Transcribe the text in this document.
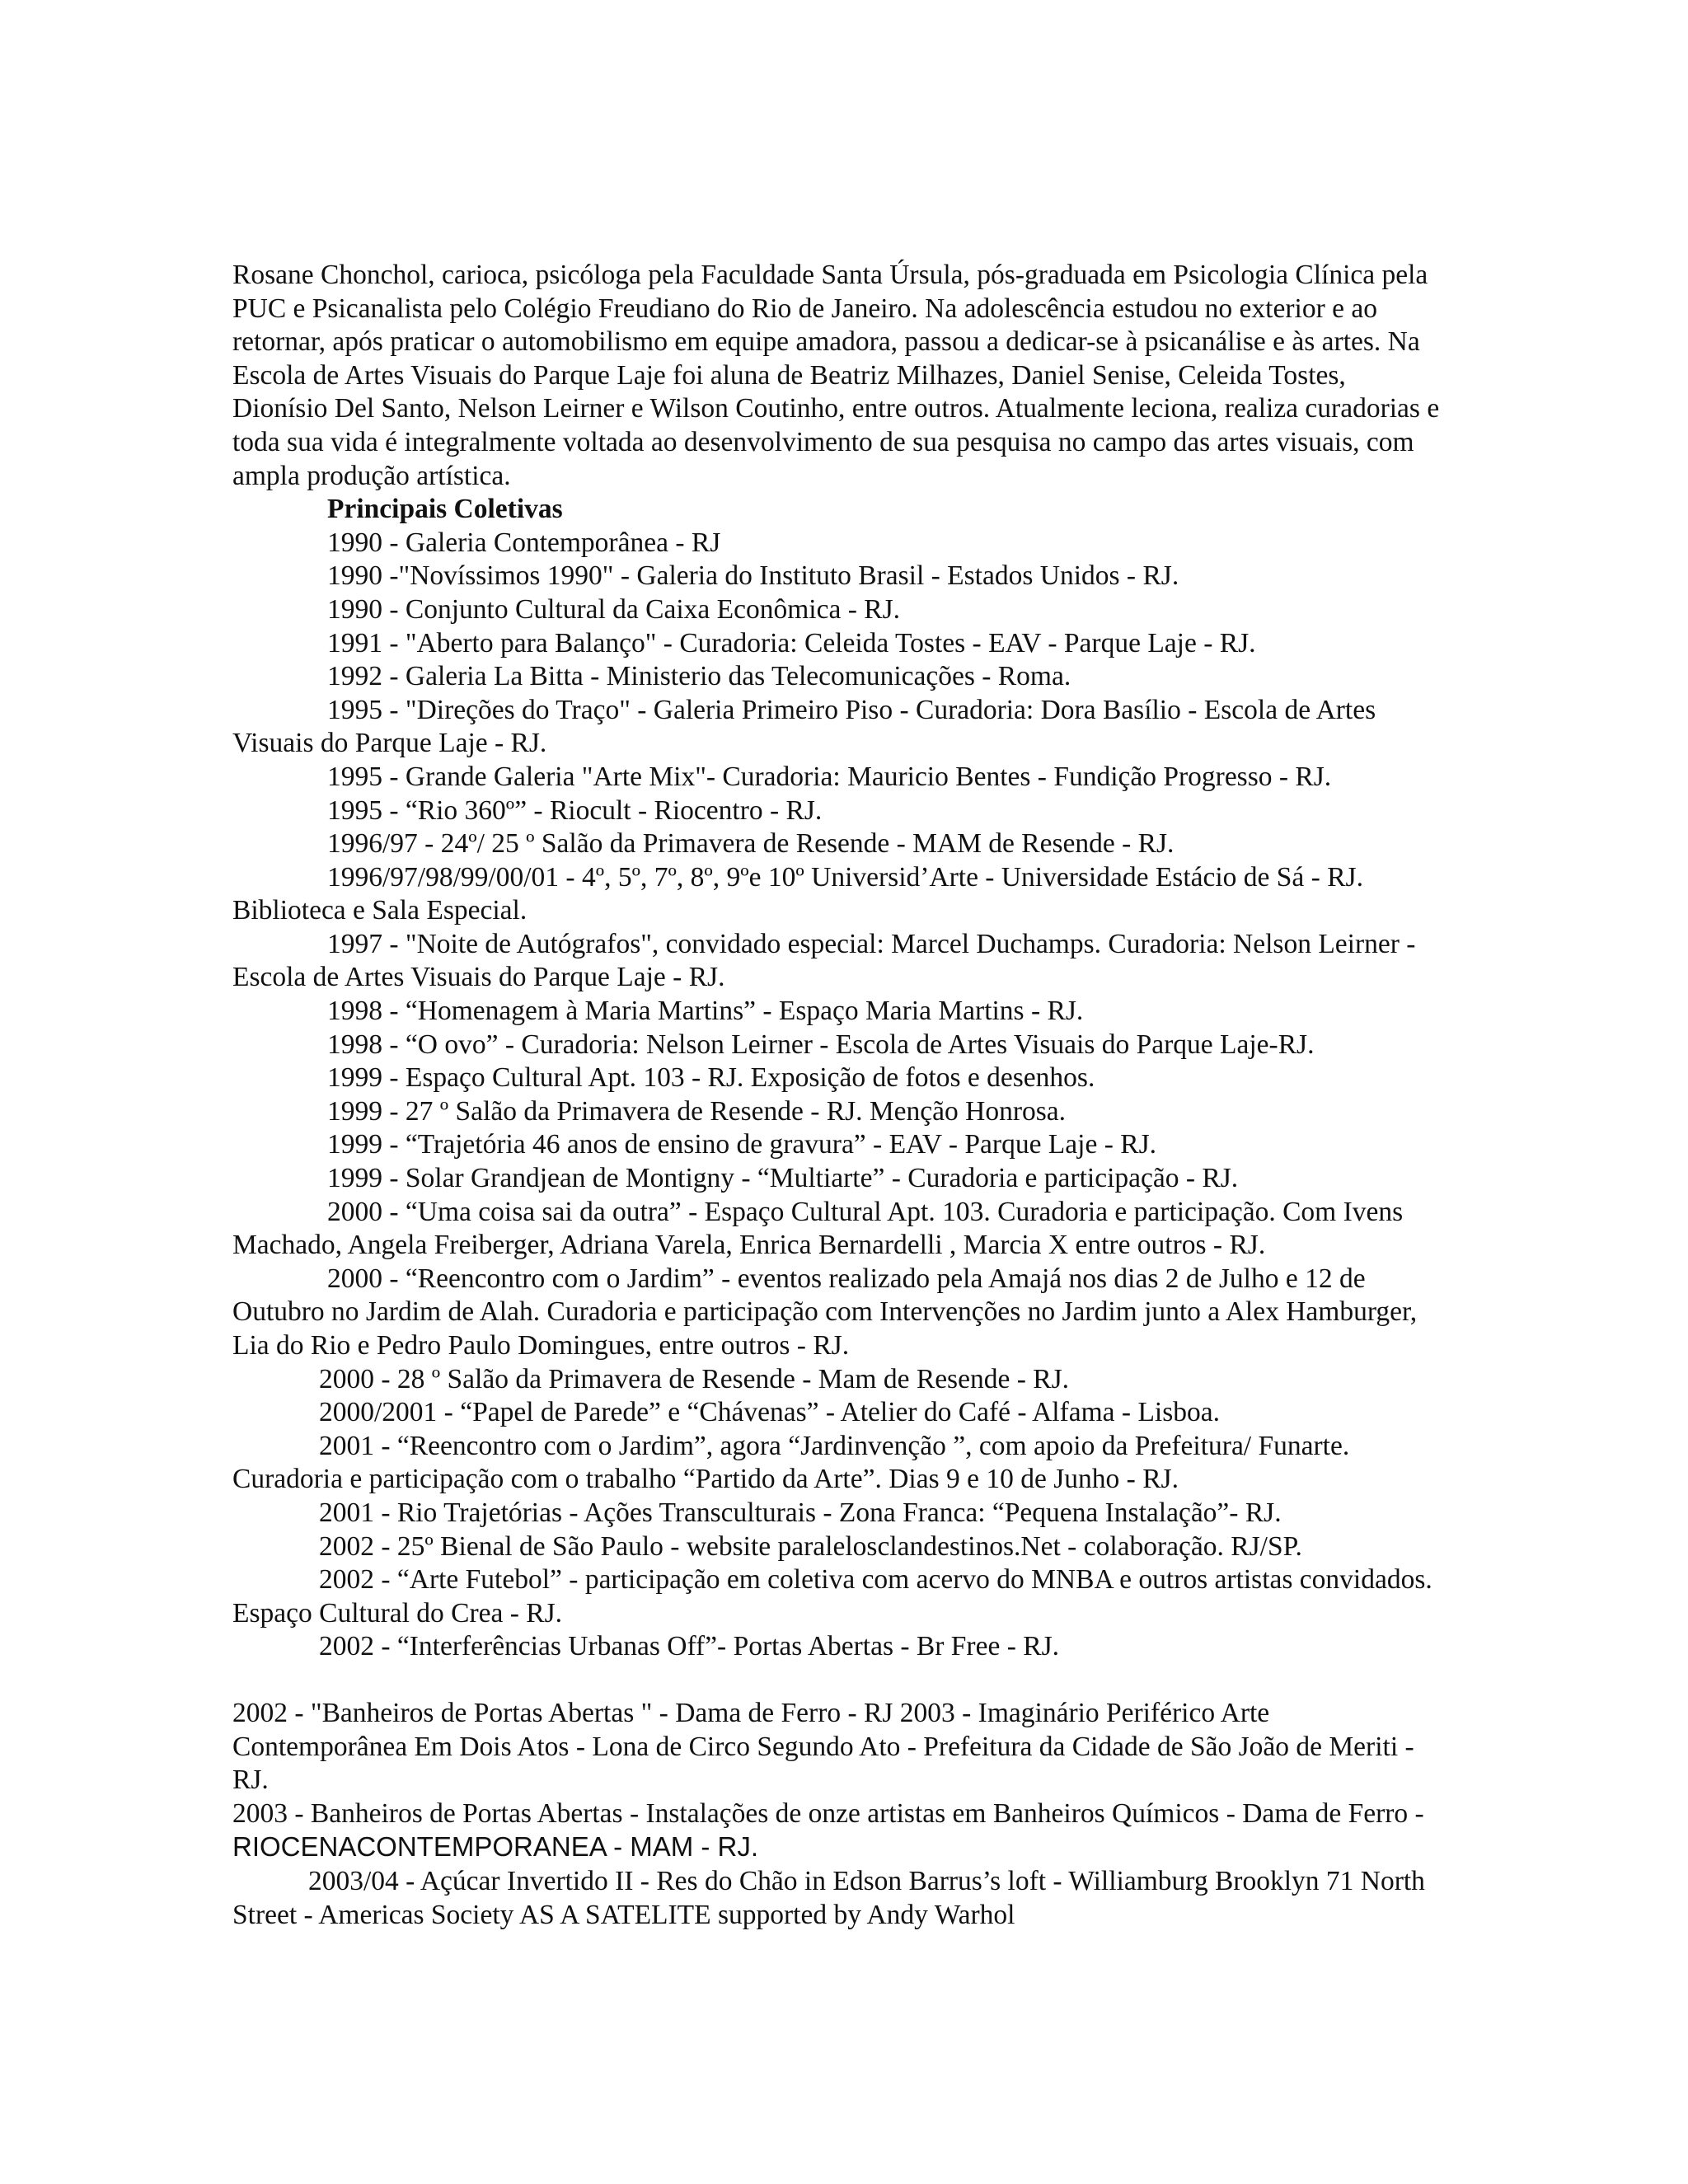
Rosane Chonchol, carioca, psicóloga pela Faculdade Santa Úrsula, pós-graduada em Psicologia Clínica pela PUC e Psicanalista pelo Colégio Freudiano do Rio de Janeiro. Na adolescência estudou no exterior e ao retornar, após praticar o automobilismo em equipe amadora, passou a dedicar-se à psicanálise e às artes. Na Escola de Artes Visuais do Parque Laje foi aluna de Beatriz Milhazes, Daniel Senise, Celeida Tostes, Dionísio Del Santo, Nelson Leirner e Wilson Coutinho, entre outros. Atualmente leciona, realiza curadorias e toda sua vida é integralmente voltada ao desenvolvimento de sua pesquisa no campo das artes visuais, com ampla produção artística.

Principais Coletivas

1990 - Galeria Contemporânea - RJ

1990 -"Novíssimos 1990" - Galeria do Instituto Brasil - Estados Unidos - RJ.

1990 - Conjunto Cultural da Caixa Econômica - RJ.

1991 - "Aberto para Balanço" - Curadoria: Celeida Tostes - EAV - Parque Laje - RJ.

1992 - Galeria La Bitta - Ministerio das Telecomunicações - Roma.

1995 - "Direções do Traço" - Galeria Primeiro Piso - Curadoria: Dora Basílio - Escola de Artes Visuais do Parque Laje - RJ.

1995 - Grande Galeria "Arte Mix"- Curadoria: Mauricio Bentes - Fundição Progresso - RJ.

1995 - “Rio 360º” - Riocult - Riocentro - RJ.

1996/97 - 24º/ 25 º Salão da Primavera de Resende - MAM de Resende - RJ.

1996/97/98/99/00/01 - 4º, 5º, 7º, 8º, 9ºe 10º Universid’Arte - Universidade Estácio de Sá - RJ. Biblioteca e Sala Especial.

1997 - "Noite de Autógrafos", convidado especial: Marcel Duchamps. Curadoria: Nelson Leirner - Escola de Artes Visuais do Parque Laje - RJ.

1998 - “Homenagem à Maria Martins” - Espaço Maria Martins - RJ.

1998 - “O ovo” - Curadoria: Nelson Leirner - Escola de Artes Visuais do Parque Laje-RJ.

1999 - Espaço Cultural Apt. 103 - RJ. Exposição de fotos e desenhos.

1999 - 27 º Salão da Primavera de Resende - RJ. Menção Honrosa.

1999 - “Trajetória 46 anos de ensino de gravura” - EAV - Parque Laje - RJ.

1999 - Solar Grandjean de Montigny - “Multiarte” - Curadoria e participação - RJ.

2000 - “Uma coisa sai da outra” - Espaço Cultural Apt. 103. Curadoria e participação. Com Ivens Machado, Angela Freiberger, Adriana Varela, Enrica Bernardelli , Marcia X entre outros - RJ.

2000 - “Reencontro com o Jardim” - eventos realizado pela Amajá nos dias 2 de Julho e 12 de Outubro no Jardim de Alah. Curadoria e participação com Intervenções no Jardim junto a Alex Hamburger, Lia do Rio e Pedro Paulo Domingues, entre outros - RJ.

2000 - 28 º Salão da Primavera de Resende - Mam de Resende - RJ.

2000/2001 - “Papel de Parede” e “Chávenas” - Atelier do Café - Alfama - Lisboa.

2001 - “Reencontro com o Jardim”, agora “Jardinvenção ”, com apoio da Prefeitura/ Funarte. Curadoria e participação com o trabalho “Partido da Arte”. Dias 9 e 10 de Junho - RJ.

2001 - Rio Trajetórias - Ações Transculturais - Zona Franca: “Pequena Instalação”- RJ.

2002 - 25º Bienal de São Paulo - website paralelosclandestinos.Net - colaboração. RJ/SP.

2002 - “Arte Futebol” - participação em coletiva com acervo do MNBA e outros artistas convidados. Espaço Cultural do Crea - RJ.

2002 - “Interferências Urbanas Off”- Portas Abertas - Br Free - RJ.

2002 - "Banheiros de Portas Abertas " - Dama de Ferro - RJ 2003 - Imaginário Periférico Arte Contemporânea Em Dois Atos - Lona de Circo Segundo Ato - Prefeitura da Cidade de São João de Meriti - RJ.

2003 - Banheiros de Portas Abertas - Instalações de onze artistas em Banheiros Químicos - Dama de Ferro - RIOCENACONTEMPORANEA - MAM - RJ.

2003/04 - Açúcar Invertido II - Res do Chão in Edson Barrus’s loft - Williamburg Brooklyn 71 North Street - Americas Society AS A SATELITE supported by Andy Warhol
